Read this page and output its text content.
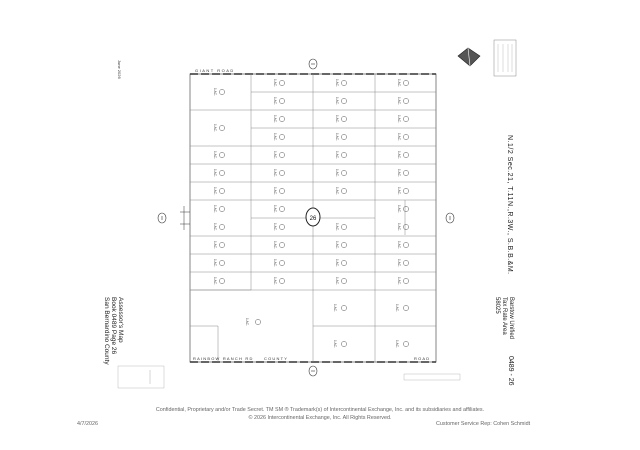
1 AC.
1 AC.
1 AC.
1 AC.
1 AC.
1 AC.
1 AC.
1 AC.
1 AC.
1 AC.
1 AC.
1 AC.
1 AC.
1 AC.
1 AC.
1 AC.
1 AC.
1 AC.
1 AC.
1 AC.
1 AC.
1 AC.
1 AC.
1 AC.
1 AC.
1 AC.
1 AC.
1 AC.
1 AC.
1 AC.
1 AC.
1 AC.
1 AC.
1 AC.
1 AC.
1 AC.
1 AC.
1 AC.
1 AC.
1 AC.
1 AC.
1 AC.
1 AC.
1 AC.
1 AC.
1 AC.
1 AC.	1 AC.
1 AC.	1 AC.
26
GIANT ROAD
RAINBOW RANCH RD	COUNTY	ROAD
June 2026
N.1/2 Sec.21, T.11N.,R.3W., S.B.B.&M.
Assessor's Map
Book 0489 Page 26
San Bernardino County	Barstow Unified
Tax Rate Area
58025
0489 - 26
Confidential, Proprietary and/or Trade Secret. TM SM ® Trademark(s) of Intercontinental Exchange, Inc. and its subsidiaries and affiliates.
© 2026 Intercontinental Exchange, Inc. All Rights Reserved.
4/7/2026	Customer Service Rep: Cohen Schmidt
